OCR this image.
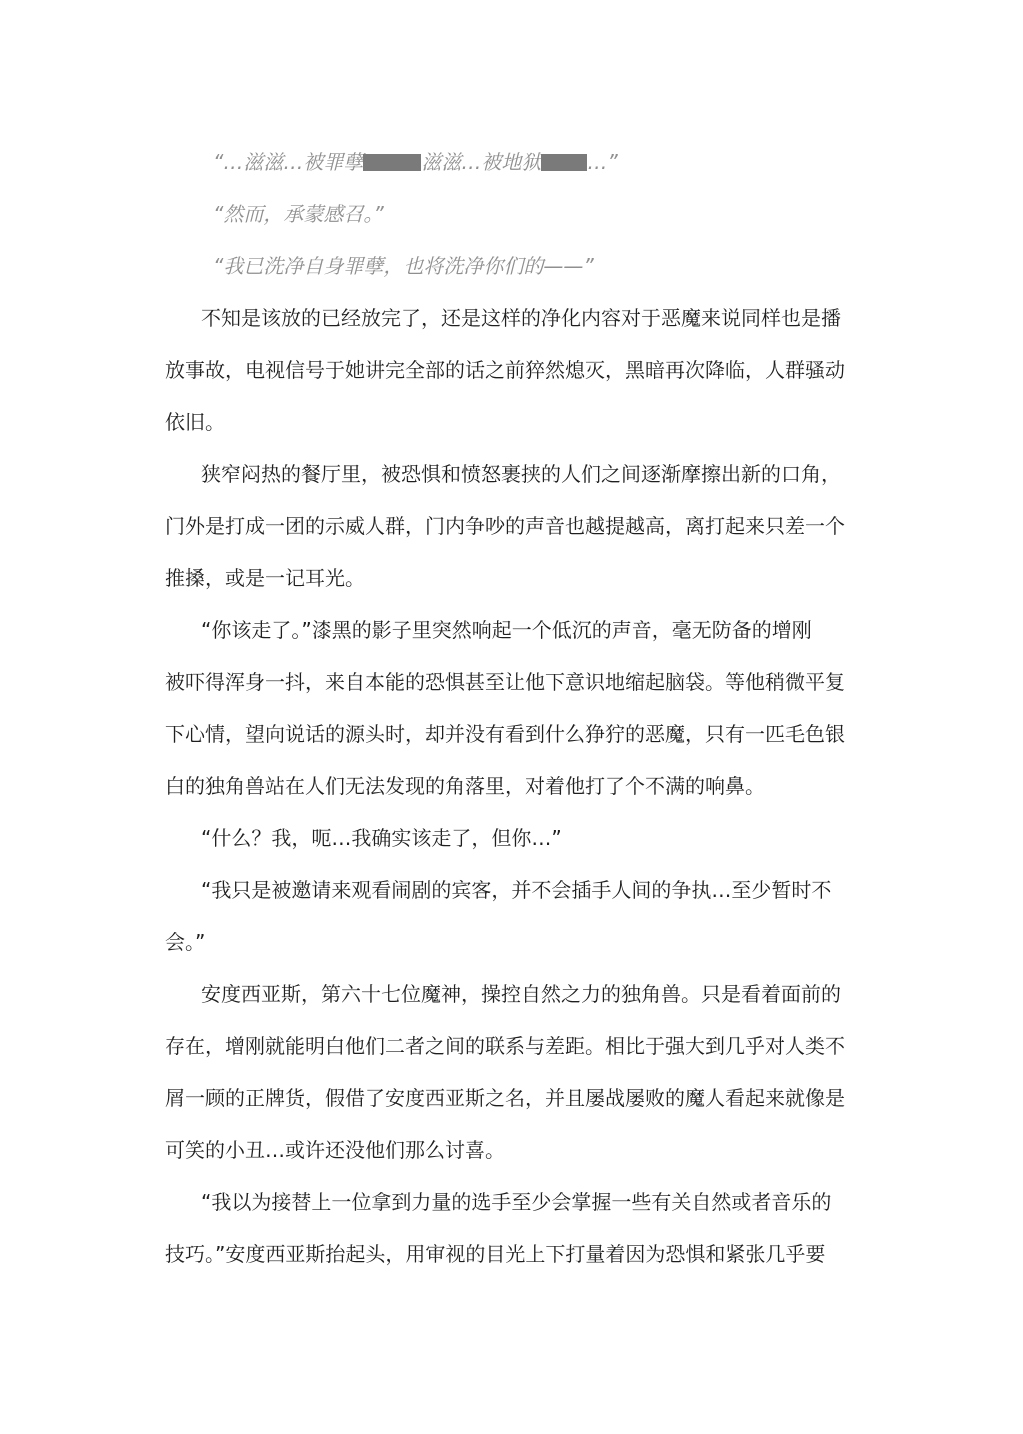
“…滋滋…被罪孽	滋滋…被地狱 …”
“然而，承蒙感召。”
“我已洗净自身罪孽，也将洗净你们的——”
不知是该放的已经放完了，还是这样的净化内容对于恶魔来说同样也是播
放事故，电视信号于她讲完全部的话之前猝然熄灭，黑暗再次降临，人群骚动
依旧。
狭窄闷热的餐厅里，被恐惧和愤怒裹挟的人们之间逐渐摩擦出新的口角，
门外是打成一团的示威人群，门内争吵的声音也越提越高，离打起来只差一个
推搡，或是一记耳光。
“你该走了。”漆黑的影子里突然响起一个低沉的声音，毫无防备的增刚
被吓得浑身一抖，来自本能的恐惧甚至让他下意识地缩起脑袋。等他稍微平复
下心情，望向说话的源头时，却并没有看到什么狰狞的恶魔，只有一匹毛色银
白的独角兽站在人们无法发现的角落里，对着他打了个不满的响鼻。
“什么？我，呃…我确实该走了，但你…”
“我只是被邀请来观看闹剧的宾客，并不会插手人间的争执…至少暂时不
会。”
安度西亚斯，第六十七位魔神，操控自然之力的独角兽。只是看着面前的
存在，增刚就能明白他们二者之间的联系与差距。相比于强大到几乎对人类不
屑一顾的正牌货，假借了安度西亚斯之名，并且屡战屡败的魔人看起来就像是
可笑的小丑…或许还没他们那么讨喜。
“我以为接替上一位拿到力量的选手至少会掌握一些有关自然或者音乐的
技巧。”安度西亚斯抬起头，用审视的目光上下打量着因为恐惧和紧张几乎要
